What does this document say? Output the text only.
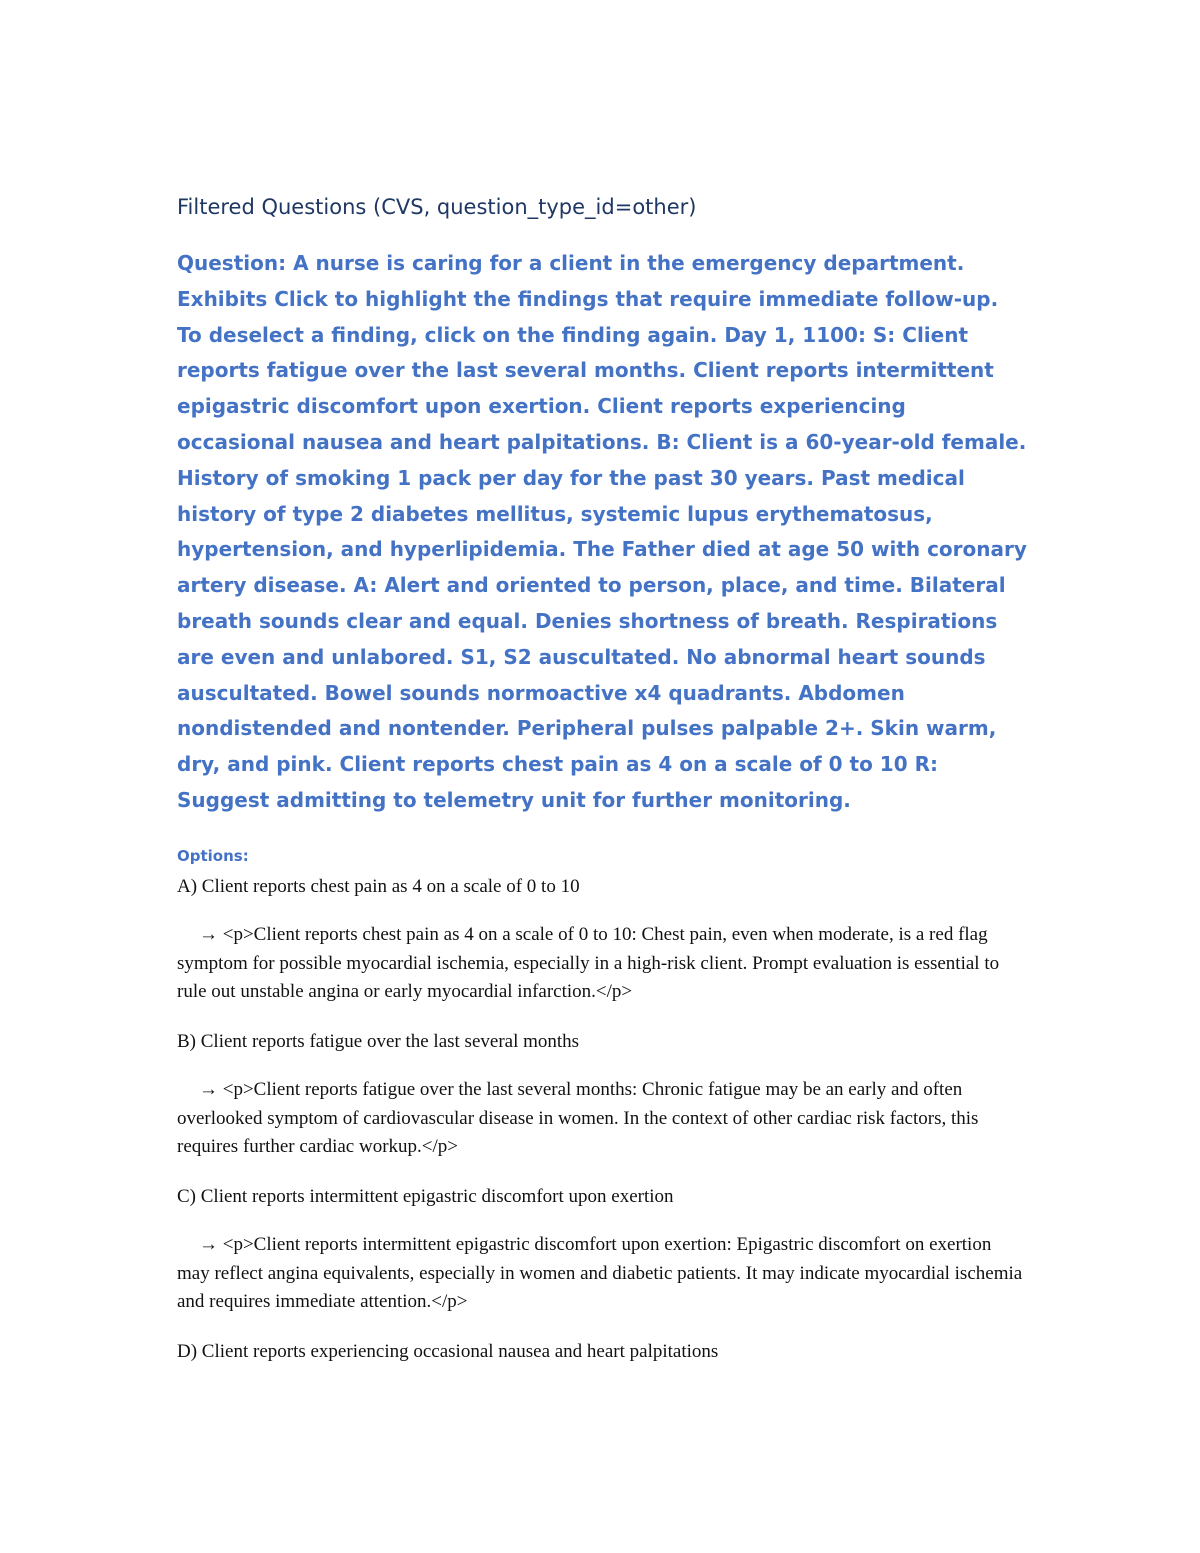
Filtered Questions (CVS, question_type_id=other)
Question: A nurse is caring for a client in the emergency department. Exhibits Click to highlight the findings that require immediate follow-up. To deselect a finding, click on the finding again. Day 1, 1100: S: Client reports fatigue over the last several months. Client reports intermittent epigastric discomfort upon exertion. Client reports experiencing occasional nausea and heart palpitations. B: Client is a 60-year-old female. History of smoking 1 pack per day for the past 30 years. Past medical history of type 2 diabetes mellitus, systemic lupus erythematosus, hypertension, and hyperlipidemia. The Father died at age 50 with coronary artery disease. A: Alert and oriented to person, place, and time. Bilateral breath sounds clear and equal. Denies shortness of breath. Respirations are even and unlabored. S1, S2 auscultated. No abnormal heart sounds auscultated. Bowel sounds normoactive x4 quadrants. Abdomen nondistended and nontender. Peripheral pulses palpable 2+. Skin warm, dry, and pink. Client reports chest pain as 4 on a scale of 0 to 10 R: Suggest admitting to telemetry unit for further monitoring.
Options:
A) Client reports chest pain as 4 on a scale of 0 to 10
→ <p>Client reports chest pain as 4 on a scale of 0 to 10: Chest pain, even when moderate, is a red flag symptom for possible myocardial ischemia, especially in a high-risk client. Prompt evaluation is essential to rule out unstable angina or early myocardial infarction.</p>
B) Client reports fatigue over the last several months
→ <p>Client reports fatigue over the last several months: Chronic fatigue may be an early and often overlooked symptom of cardiovascular disease in women. In the context of other cardiac risk factors, this requires further cardiac workup.</p>
C) Client reports intermittent epigastric discomfort upon exertion
→ <p>Client reports intermittent epigastric discomfort upon exertion: Epigastric discomfort on exertion may reflect angina equivalents, especially in women and diabetic patients. It may indicate myocardial ischemia and requires immediate attention.</p>
D) Client reports experiencing occasional nausea and heart palpitations
